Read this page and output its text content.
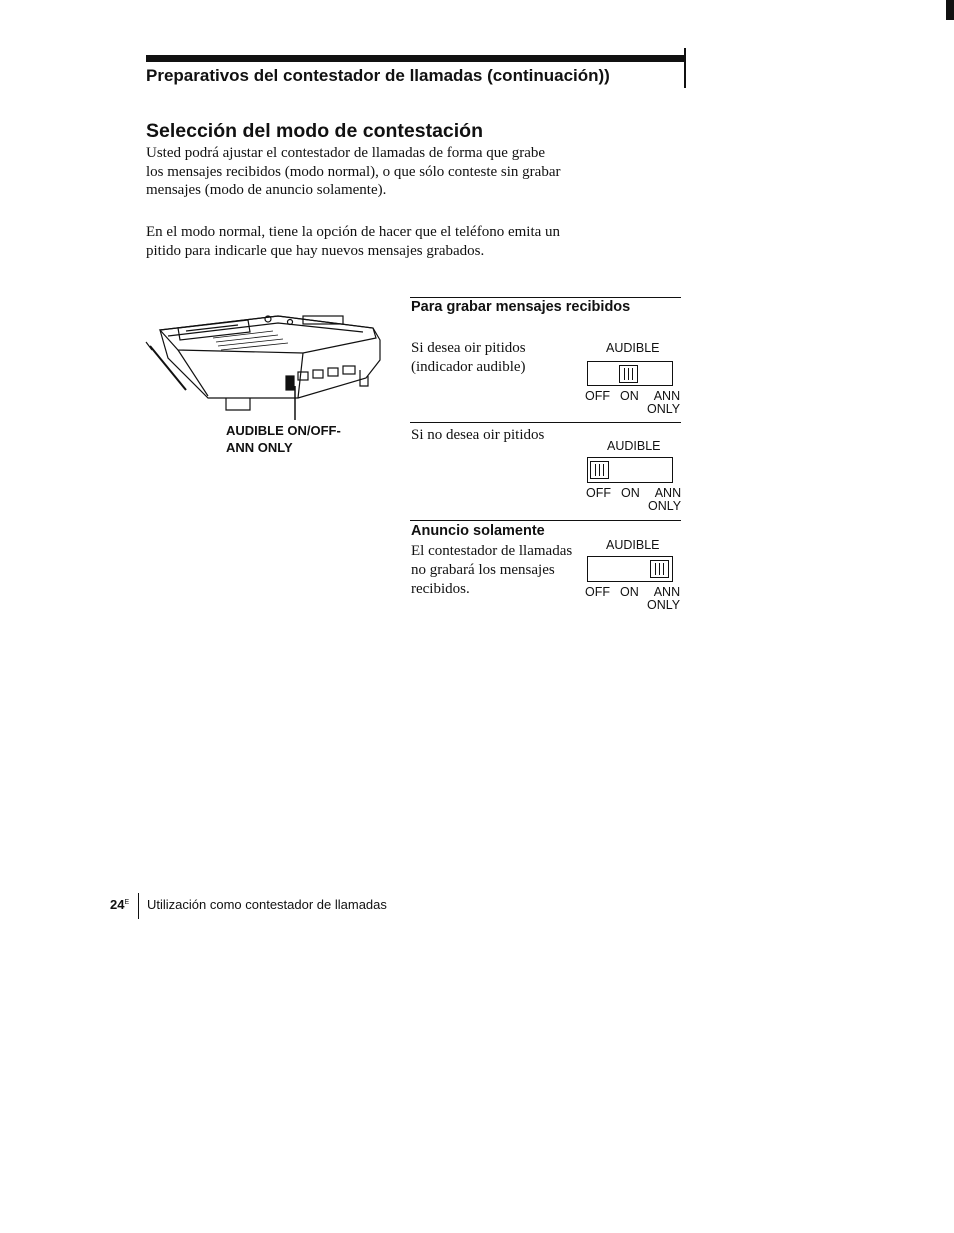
Preparativos del contestador de llamadas (continuación))
Selección del modo de contestación
Usted podrá ajustar el contestador de llamadas de forma que grabe
los mensajes recibidos (modo normal), o que sólo conteste sin grabar
mensajes (modo de anuncio solamente).
En el modo normal, tiene la opción de hacer que el teléfono emita un
pitido para indicarle que hay nuevos mensajes grabados.
AUDIBLE ON/OFF-
ANN ONLY
Para grabar mensajes recibidos
Si desea oir pitidos
(indicador audible)
AUDIBLE
OFF ON	ANN
ONLY
Si no desea oir pitidos
AUDIBLE
OFF ON	ANN
ONLY
Anuncio solamente
El contestador de llamadas
no grabará los mensajes
recibidos.
AUDIBLE
OFF ON	ANN
ONLY
$24^E$ Utilización como contestador de llamadas
